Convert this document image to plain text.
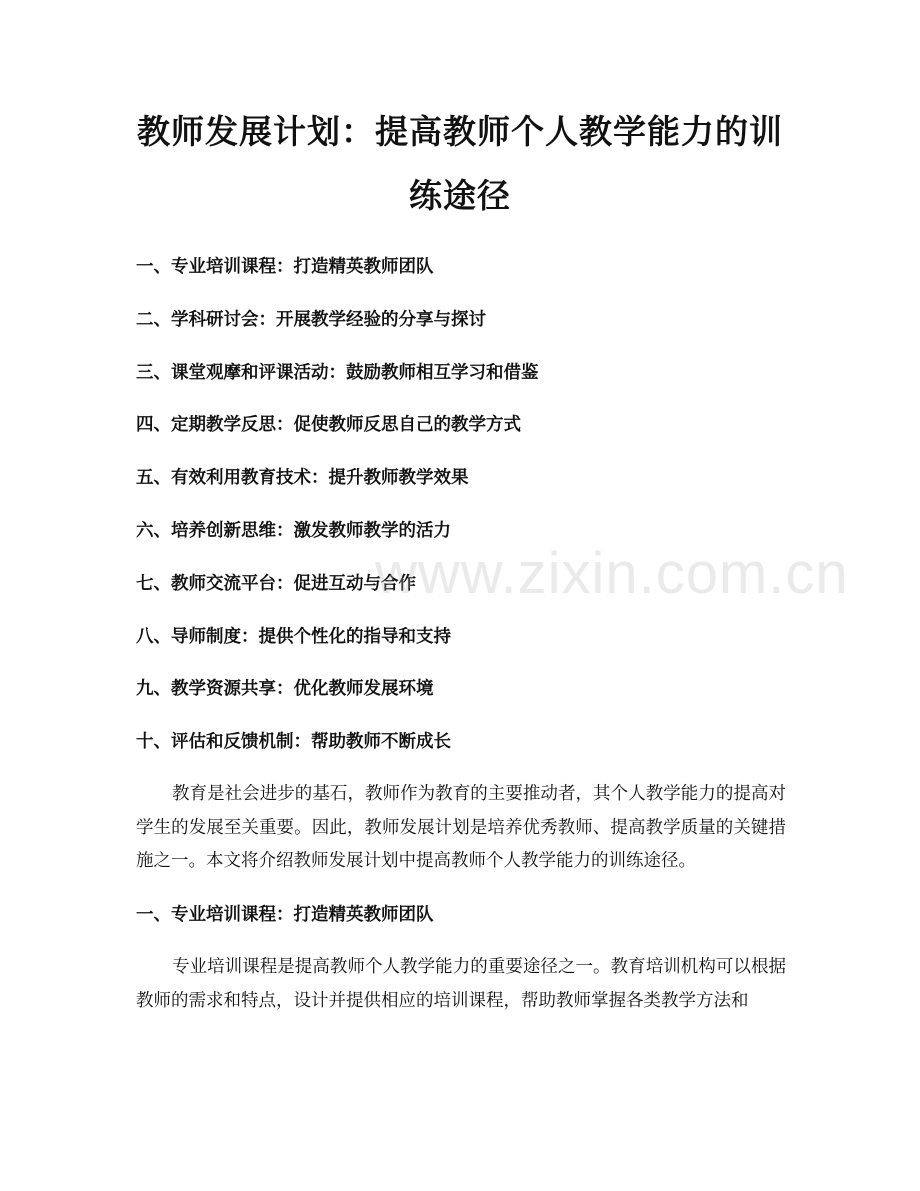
教师发展计划：提高教师个人教学能力的训练途径
一、专业培训课程：打造精英教师团队
二、学科研讨会：开展教学经验的分享与探讨
三、课堂观摩和评课活动：鼓励教师相互学习和借鉴
四、定期教学反思：促使教师反思自己的教学方式
五、有效利用教育技术：提升教师教学效果
六、培养创新思维：激发教师教学的活力
七、教师交流平台：促进互动与合作
八、导师制度：提供个性化的指导和支持
九、教学资源共享：优化教师发展环境
十、评估和反馈机制：帮助教师不断成长

教育是社会进步的基石，教师作为教育的主要推动者，其个人教学能力的提高对学生的发展至关重要。因此，教师发展计划是培养优秀教师、提高教学质量的关键措施之一。本文将介绍教师发展计划中提高教师个人教学能力的训练途径。

一、专业培训课程：打造精英教师团队

专业培训课程是提高教师个人教学能力的重要途径之一。教育培训机构可以根据教师的需求和特点，设计并提供相应的培训课程，帮助教师掌握各类教学方法和

www.zixin.com.cn
